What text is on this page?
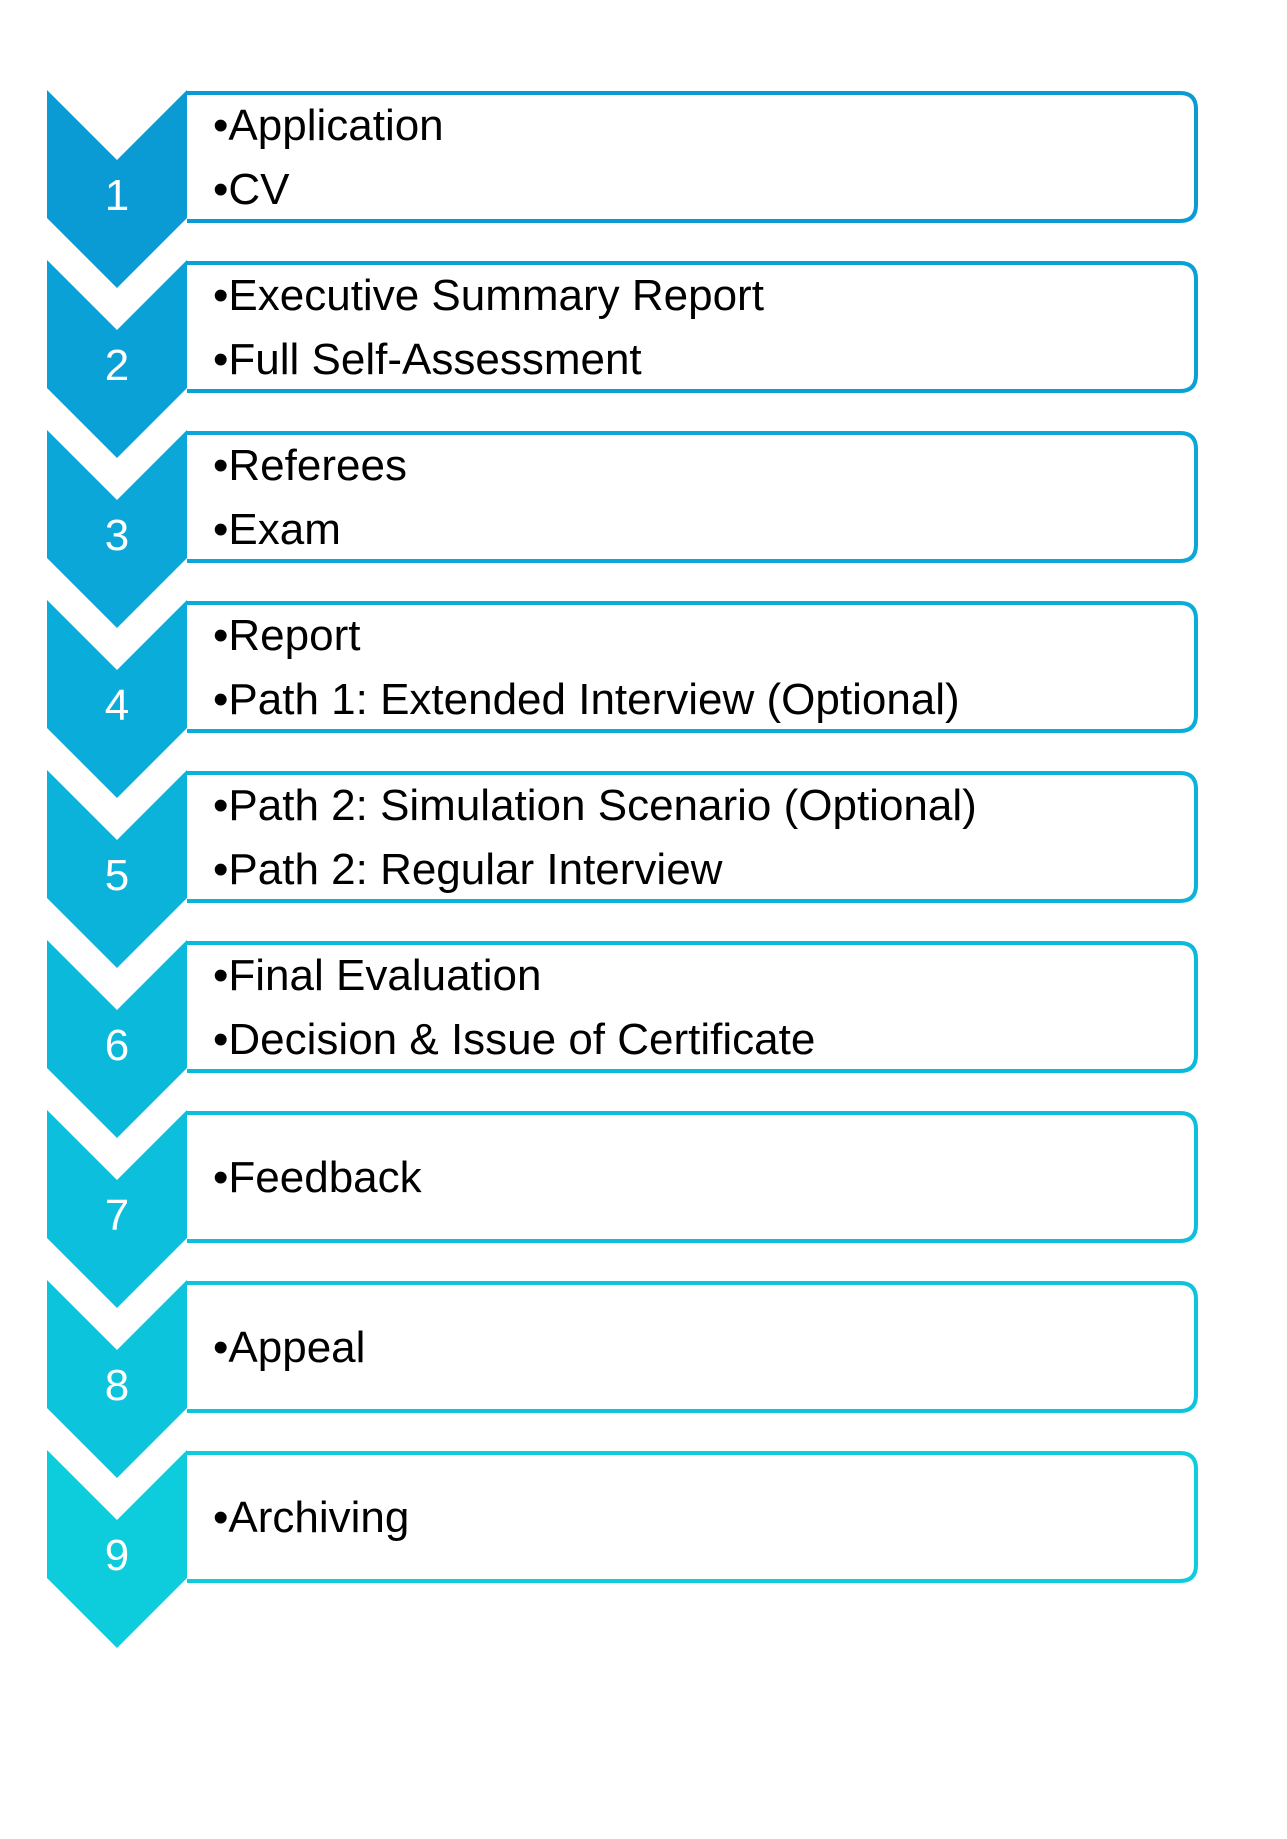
1
•Application
•CV
2
•Executive Summary Report
•Full Self-Assessment
3
•Referees
•Exam
4
•Report
•Path 1: Extended Interview (Optional)
5
•Path 2: Simulation Scenario (Optional)
•Path 2: Regular Interview
6
•Final Evaluation
•Decision & Issue of Certificate
7
•Feedback
8
•Appeal
9
•Archiving
